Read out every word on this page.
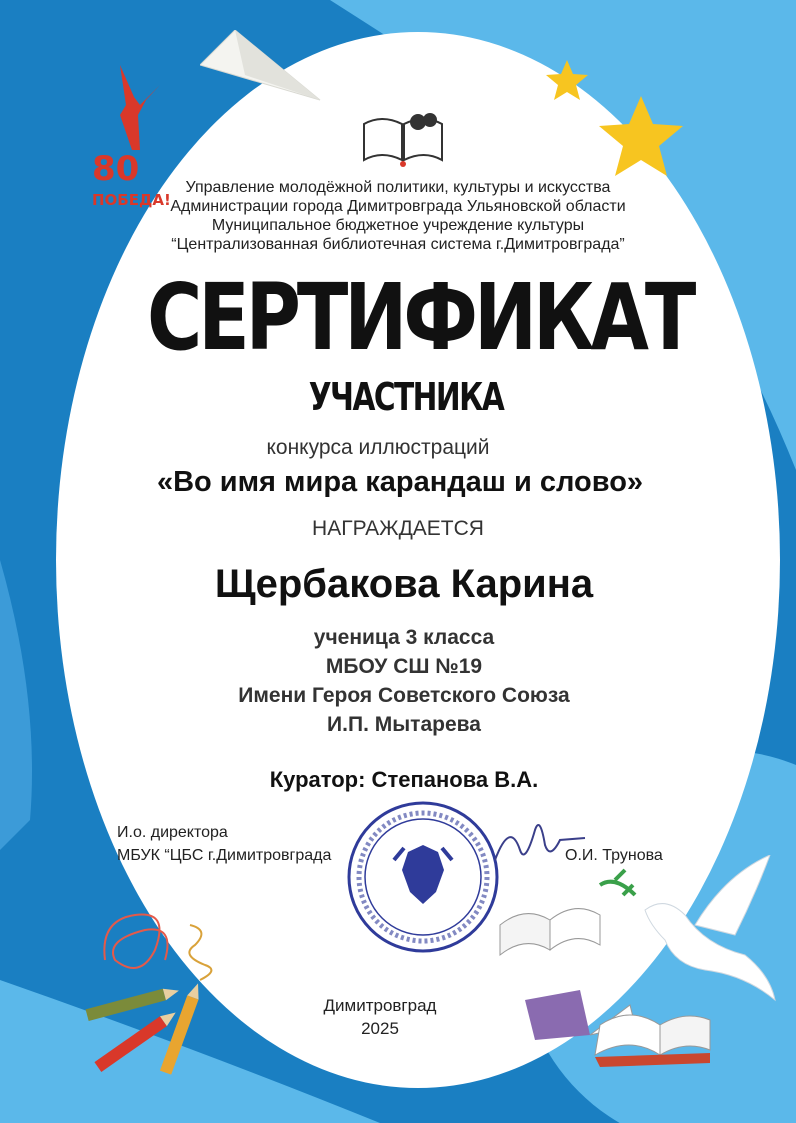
80
ПОБЕДА!
Управление молодёжной политики, культуры и искусства
Администрации города Димитровграда Ульяновской области
Муниципальное бюджетное учреждение культуры
“Централизованная библиотечная система г.Димитровграда”
СЕРТИФИКАТ
УЧАСТНИКА
конкурса иллюстраций
«Во имя мира карандаш и слово»
НАГРАЖДАЕТСЯ
Щербакова Карина
ученица 3 класса
МБОУ СШ №19
Имени Героя Советского Союза
И.П. Мытарева
Куратор: Степанова В.А.
И.о. директора
МБУК “ЦБС г.Димитровграда	О.И. Трунова
Димитровград
2025
